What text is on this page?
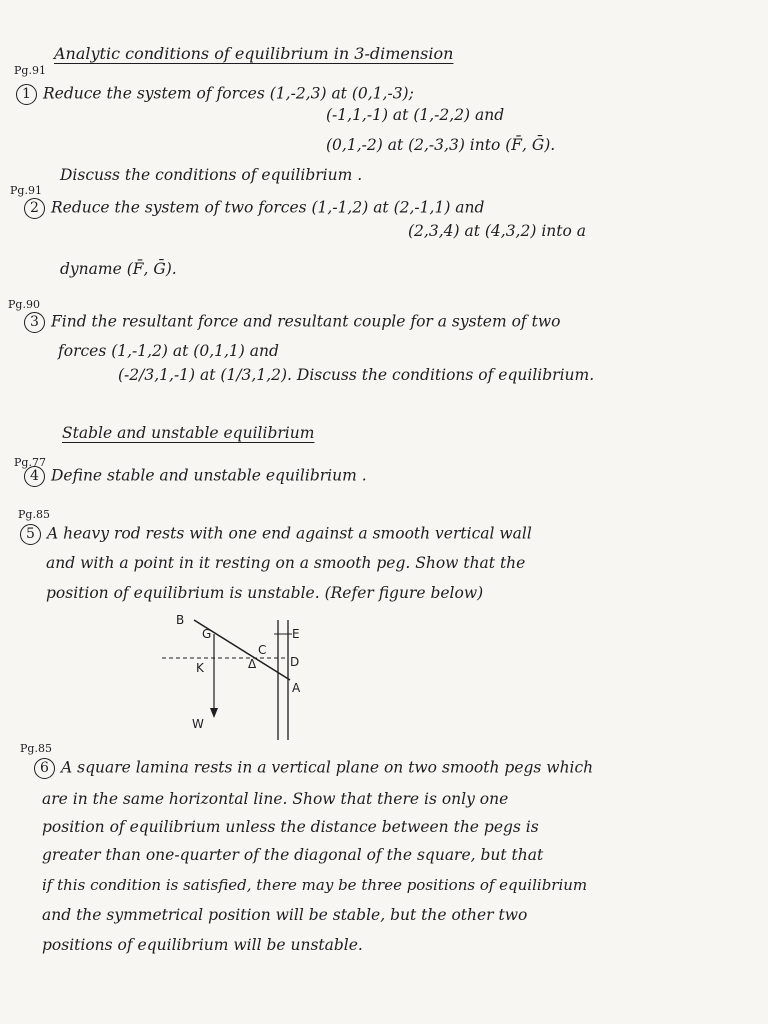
Pg.91
Analytic conditions of equilibrium in 3-dimension
1 Reduce the system of forces (1,-2,3) at (0,1,-3);
(-1,1,-1) at (1,-2,2) and
(0,1,-2) at (2,-3,3) into (F̄, Ḡ).
Discuss the conditions of equilibrium .
Pg.91
2 Reduce the system of two forces (1,-1,2) at (2,-1,1) and
(2,3,4) at (4,3,2) into a
dyname (F̄, Ḡ).
Pg.90
3 Find the resultant force and resultant couple for a system of two
forces (1,-1,2) at (0,1,1) and
(-2/3,1,-1) at (1/3,1,2). Discuss the conditions of equilibrium.
Stable and unstable equilibrium
Pg.77
4 Define stable and unstable equilibrium .
Pg.85
5 A heavy rod rests with one end against a smooth vertical wall
and with a point in it resting on a smooth peg. Show that the
position of equilibrium is unstable. (Refer figure below)
B
G	E
C
Δ	D
K
A
W
Pg.85
6 A square lamina rests in a vertical plane on two smooth pegs which
are in the same horizontal line. Show that there is only one
position of equilibrium unless the distance between the pegs is
greater than one-quarter of the diagonal of the square, but that
if this condition is satisfied, there may be three positions of equilibrium
and the symmetrical position will be stable, but the other two
positions of equilibrium will be unstable.
